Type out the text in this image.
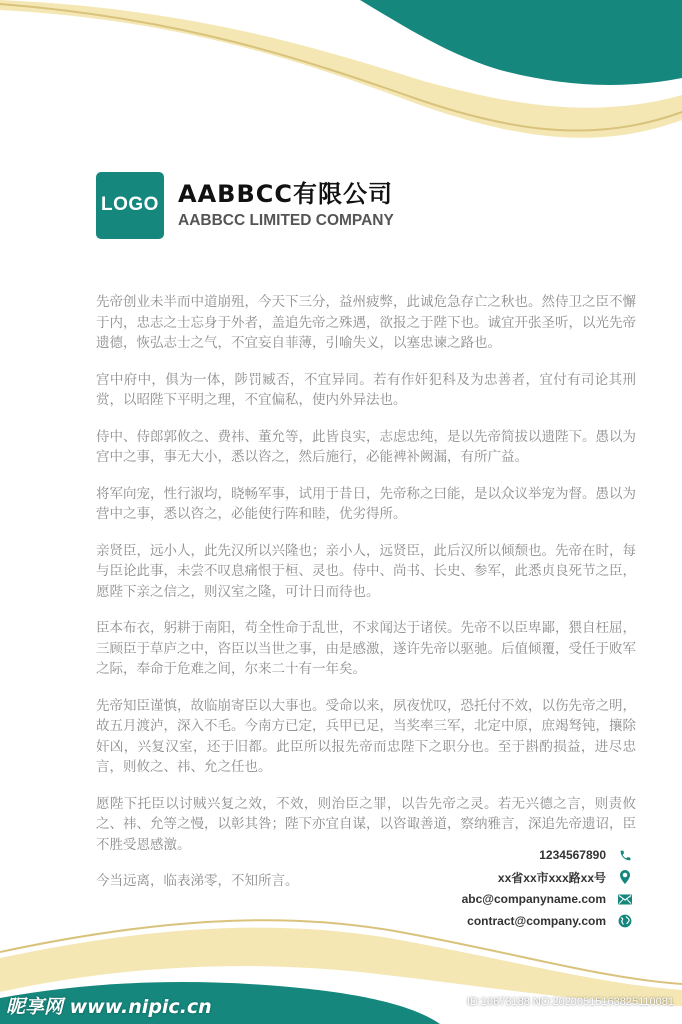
LOGO AABBCC有限公司
AABBCC LIMITED COMPANY

先帝创业未半而中道崩殂，今天下三分，益州疲弊，此诚危急存亡之秋也。然侍卫之臣不懈于内，忠志之士忘身于外者，盖追先帝之殊遇，欲报之于陛下也。诚宜开张圣听，以光先帝遗德，恢弘志士之气，不宜妄自菲薄，引喻失义，以塞忠谏之路也。

宫中府中，俱为一体，陟罚臧否，不宜异同。若有作奸犯科及为忠善者，宜付有司论其刑赏，以昭陛下平明之理，不宜偏私，使内外异法也。

侍中、侍郎郭攸之、费祎、董允等，此皆良实，志虑忠纯，是以先帝简拔以遗陛下。愚以为宫中之事，事无大小，悉以咨之，然后施行，必能裨补阙漏，有所广益。

将军向宠，性行淑均，晓畅军事，试用于昔日，先帝称之曰能，是以众议举宠为督。愚以为营中之事，悉以咨之，必能使行阵和睦，优劣得所。

亲贤臣，远小人，此先汉所以兴隆也；亲小人，远贤臣，此后汉所以倾颓也。先帝在时，每与臣论此事，未尝不叹息痛恨于桓、灵也。侍中、尚书、长史、参军，此悉贞良死节之臣，愿陛下亲之信之，则汉室之隆，可计日而待也。

臣本布衣，躬耕于南阳，苟全性命于乱世，不求闻达于诸侯。先帝不以臣卑鄙，猥自枉屈，三顾臣于草庐之中，咨臣以当世之事，由是感激，遂许先帝以驱驰。后值倾覆，受任于败军之际，奉命于危难之间，尔来二十有一年矣。

先帝知臣谨慎，故临崩寄臣以大事也。受命以来，夙夜忧叹，恐托付不效，以伤先帝之明，故五月渡泸，深入不毛。今南方已定，兵甲已足，当奖率三军，北定中原，庶竭驽钝，攘除奸凶，兴复汉室，还于旧都。此臣所以报先帝而忠陛下之职分也。至于斟酌损益，进尽忠言，则攸之、祎、允之任也。

愿陛下托臣以讨贼兴复之效，不效，则治臣之罪，以告先帝之灵。若无兴德之言，则责攸之、祎、允等之慢，以彰其咎；陛下亦宜自谋，以咨诹善道，察纳雅言，深追先帝遗诏，臣不胜受恩感激。

今当远离，临表涕零，不知所言。

1234567890
xx省xx市xxx路xx号
abc@companyname.com
contract@company.com
昵享网 www.nipic.cn	ID:10673188 NO:20200515163825110081
